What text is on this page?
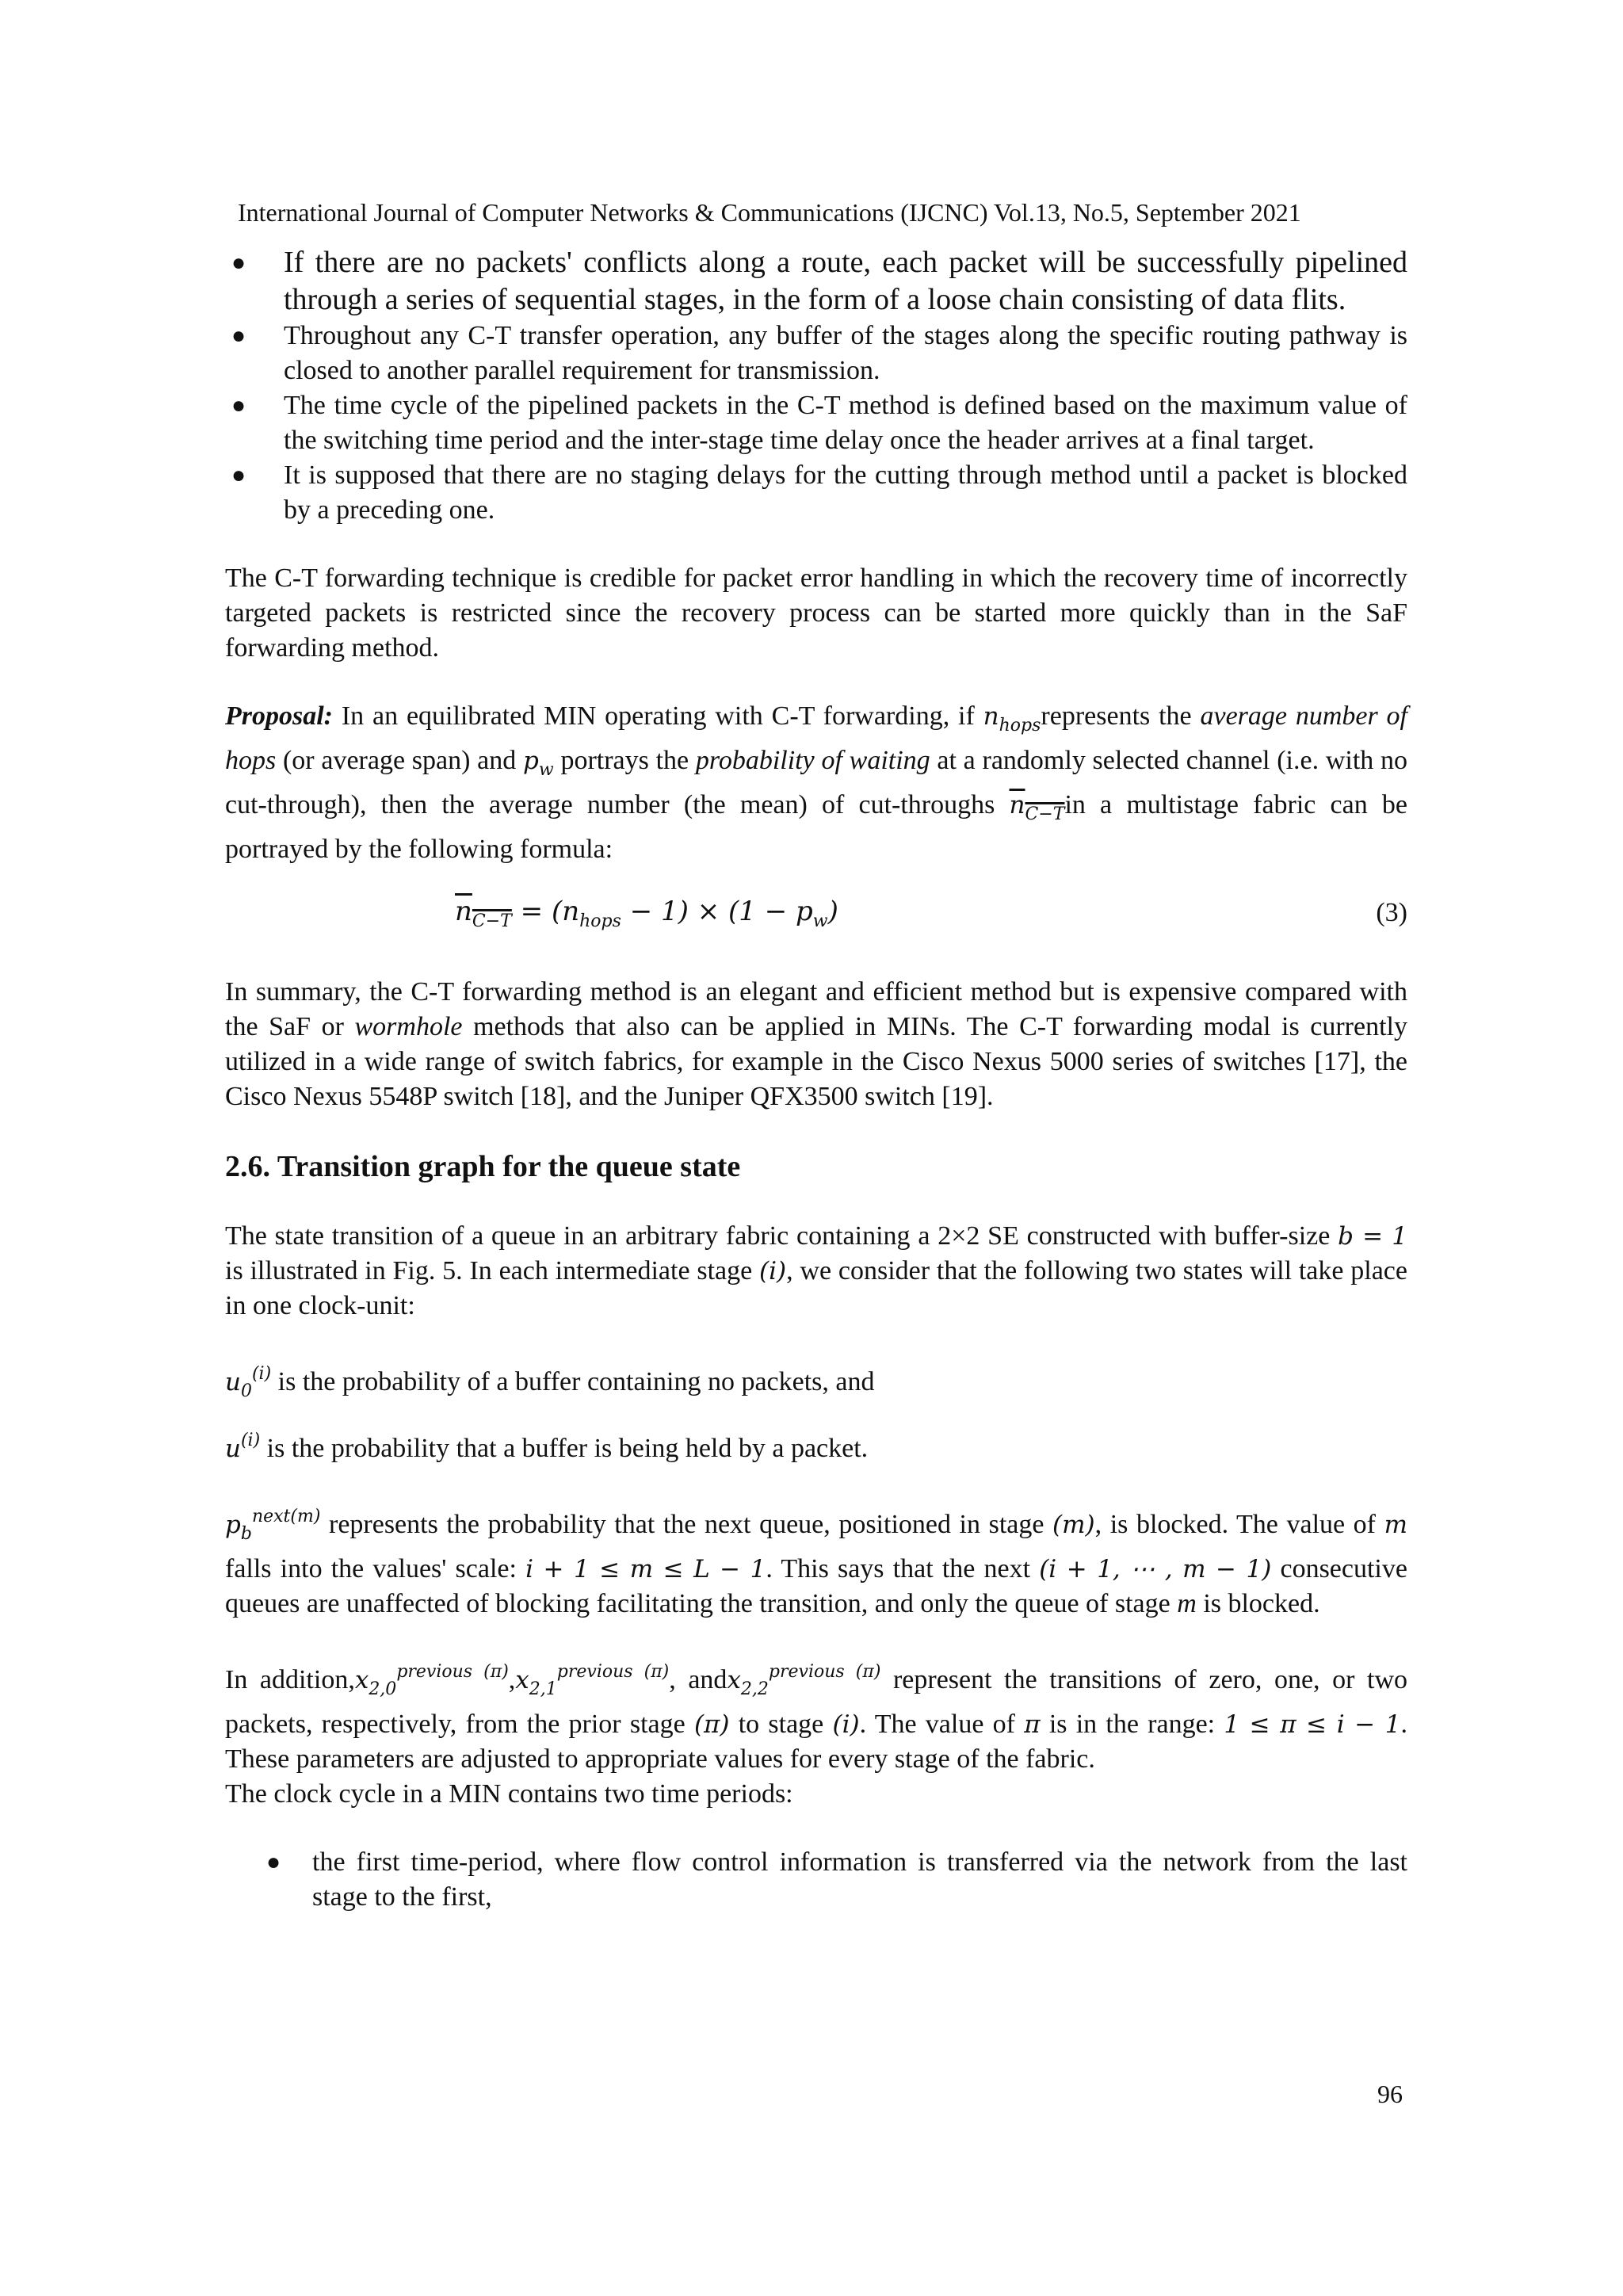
International Journal of Computer Networks & Communications (IJCNC) Vol.13, No.5, September 2021
● If there are no packets' conflicts along a route, each packet will be successfully pipelined through a series of sequential stages, in the form of a loose chain consisting of data flits.
● Throughout any C-T transfer operation, any buffer of the stages along the specific routing pathway is closed to another parallel requirement for transmission.
● The time cycle of the pipelined packets in the C-T method is defined based on the maximum value of the switching time period and the inter-stage time delay once the header arrives at a final target.
● It is supposed that there are no staging delays for the cutting through method until a packet is blocked by a preceding one.

The C-T forwarding technique is credible for packet error handling in which the recovery time of incorrectly targeted packets is restricted since the recovery process can be started more quickly than in the SaF forwarding method.

Proposal: In an equilibrated MIN operating with C-T forwarding, if $n_{hops}represents$ the average number of hops (or average span) and $p_w$ portrays the probability of waiting at a randomly selected channel (i.e. with no cut-through), then the average number (the mean) of cut-throughs $n_{C-T}in$ a multistage fabric can be portrayed by the following formula:

$n_{C-T} = (n_{hops} - 1) \times (1 - p_w)$	(3)

In summary, the C-T forwarding method is an elegant and efficient method but is expensive compared with the SaF or wormhole methods that also can be applied in MINs. The C-T forwarding modal is currently utilized in a wide range of switch fabrics, for example in the Cisco Nexus 5000 series of switches [17], the Cisco Nexus 5548P switch [18], and the Juniper QFX3500 switch [19].

2.6. Transition graph for the queue state

The state transition of a queue in an arbitrary fabric containing a 2×2 SE constructed with buffer-size b = 1 is illustrated in Fig. 5. In each intermediate stage (i), we consider that the following two states will take place in one clock-unit:

$u_0^{(i)}$ is the probability of a buffer containing no packets, and

$u^{(i)}$ is the probability that a buffer is being held by a packet.

$p_b^{next(m)}$ represents the probability that the next queue, positioned in stage (m), is blocked. The value of m falls into the values' scale: i + 1 ≤ m ≤ L − 1. This says that the next (i + 1, ⋯ , m − 1) consecutive queues are unaffected of blocking facilitating the transition, and only the queue of stage m is blocked.

In $addition,x_{2,0}^{previous (\pi)},x_{2,1}^{previous (\pi)}$, andx$_{2,2}^{previous (\pi)}$ represent the transitions of zero, one, or two packets, respectively, from the prior stage (π) to stage (i). The value of π is in the range: 1 ≤ π ≤ i − 1. These parameters are adjusted to appropriate values for every stage of the fabric.

The clock cycle in a MIN contains two time periods:

● the first time-period, where flow control information is transferred via the network from the last stage to the first,
96
